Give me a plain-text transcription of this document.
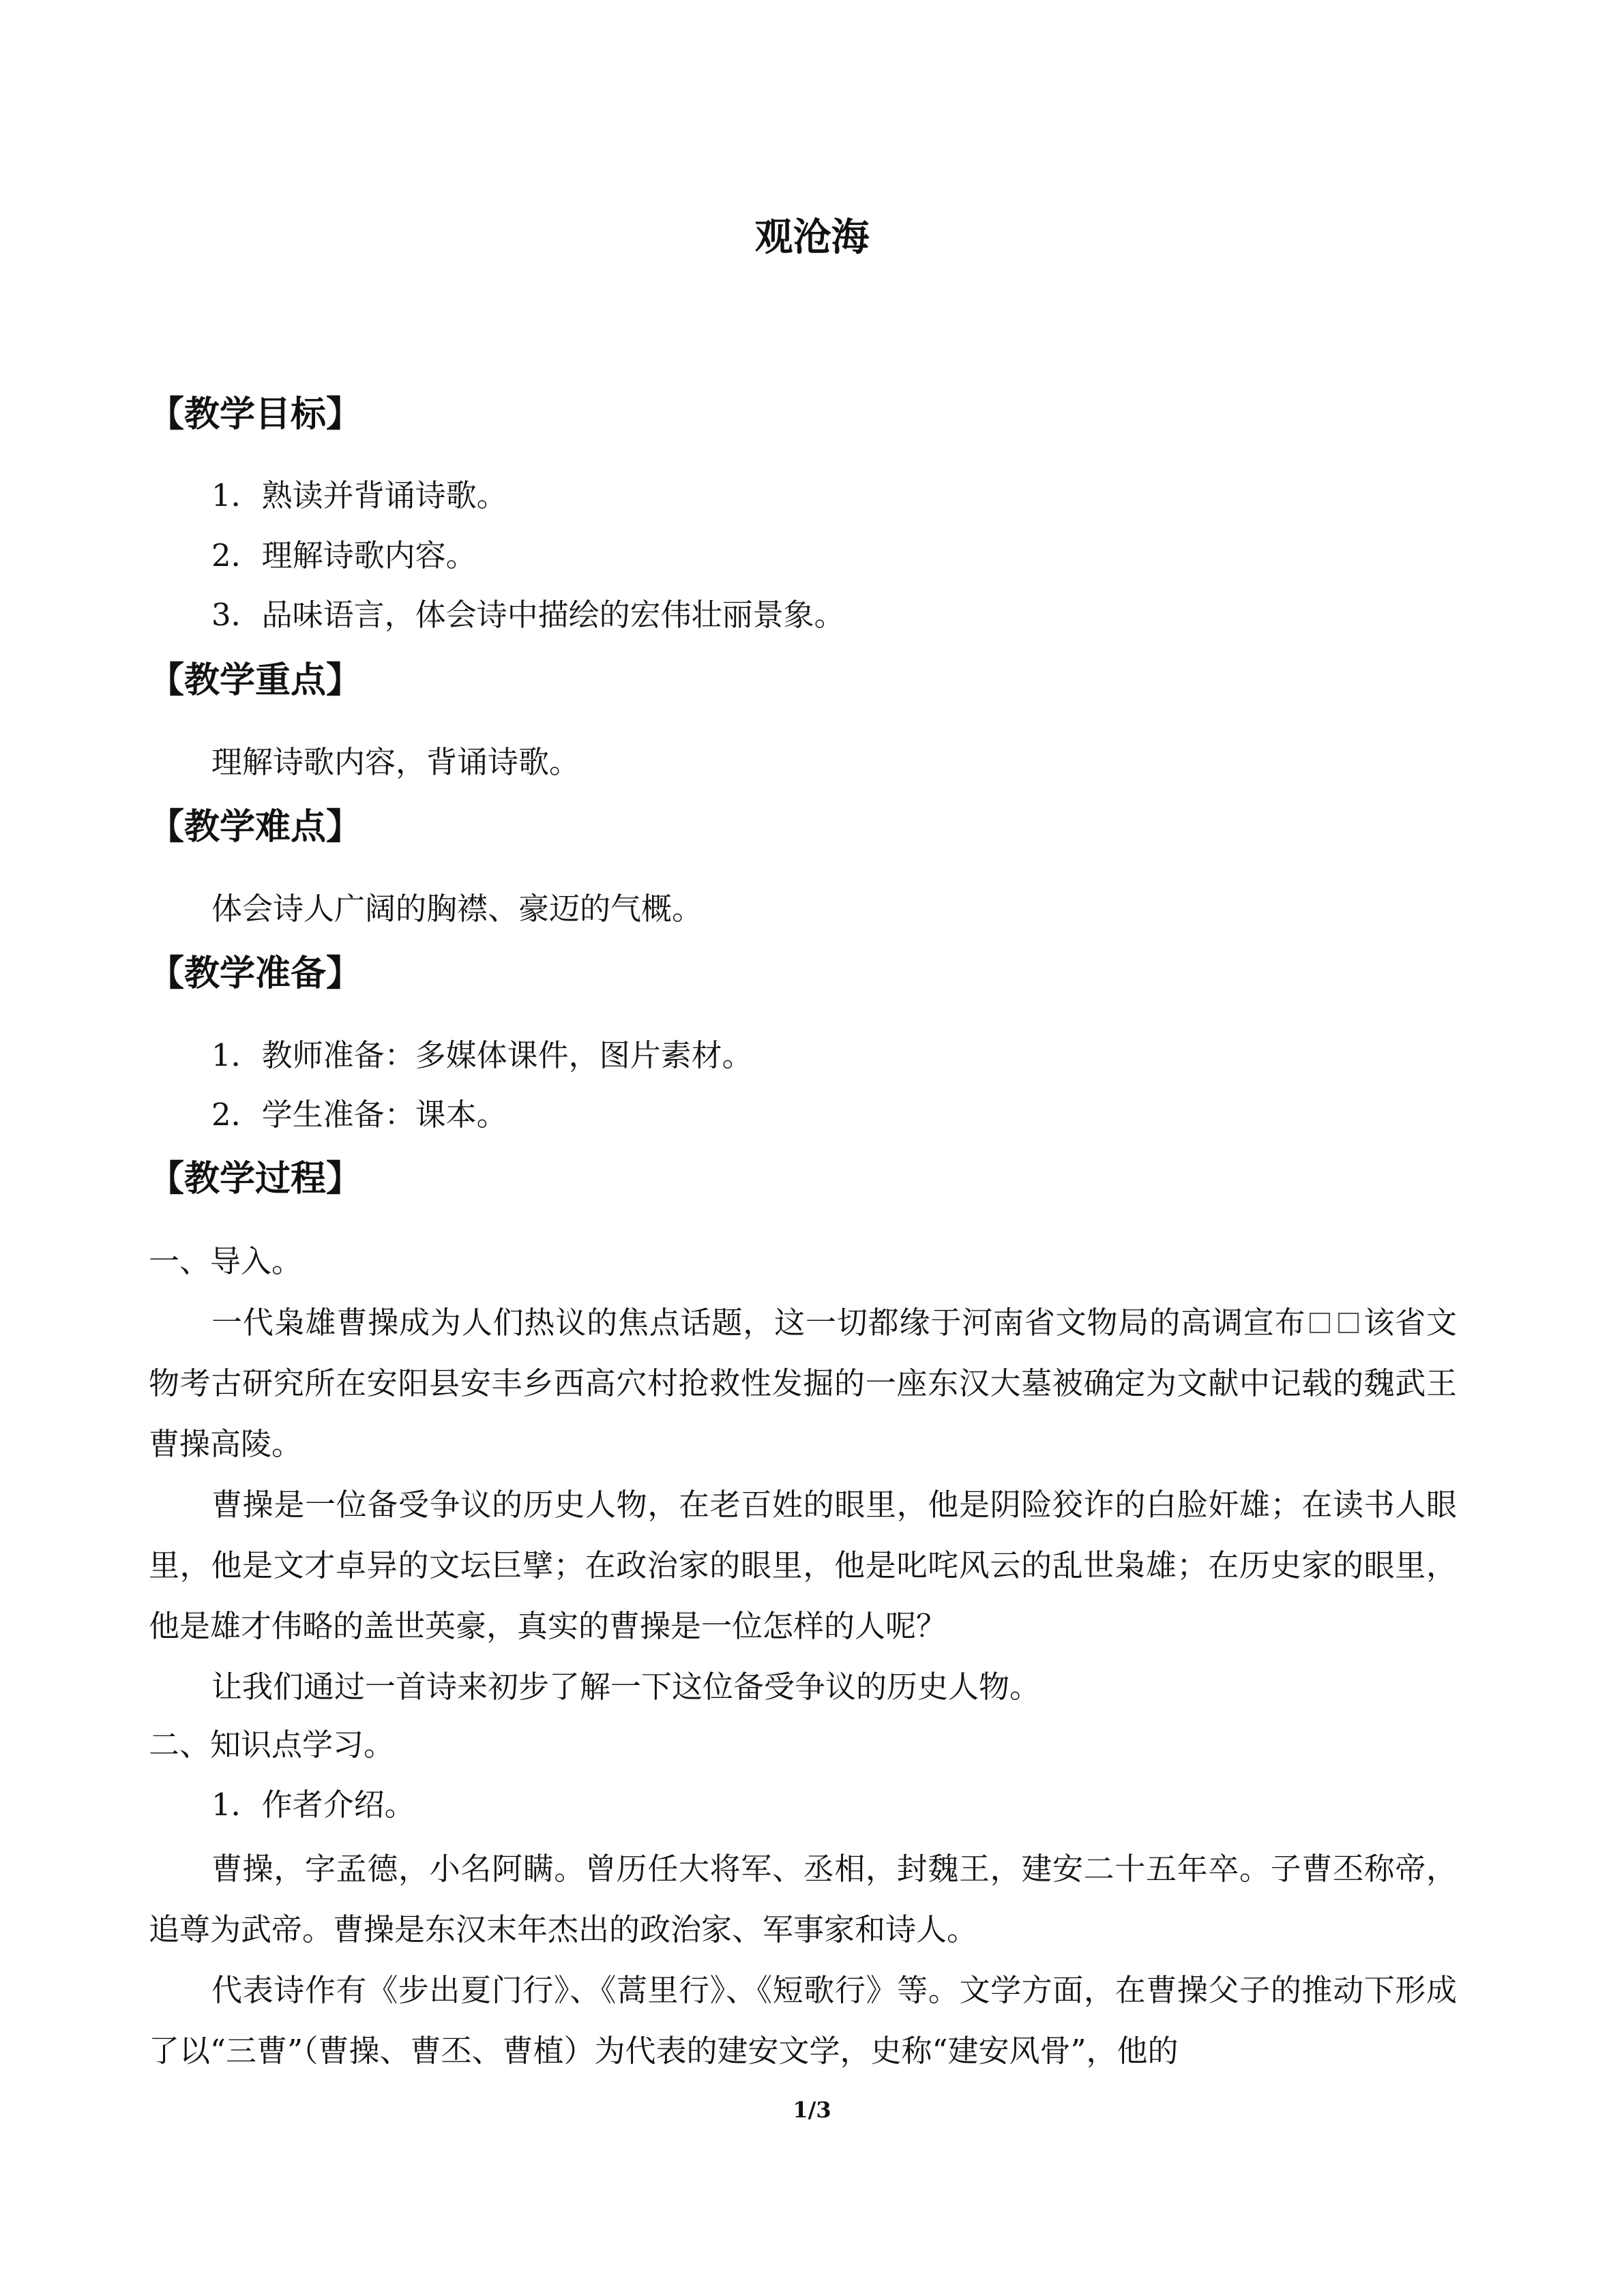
观沧海
【教学目标】
1．熟读并背诵诗歌。
2．理解诗歌内容。
3．品味语言，体会诗中描绘的宏伟壮丽景象。
【教学重点】
理解诗歌内容，背诵诗歌。
【教学难点】
体会诗人广阔的胸襟、豪迈的气概。
【教学准备】
1．教师准备：多媒体课件，图片素材。
2．学生准备：课本。
【教学过程】
一、导入。
一代枭雄曹操成为人们热议的焦点话题，这一切都缘于河南省文物局的高调宣布 该省文物考古研究所在安阳县安丰乡西高穴村抢救性发掘的一座东汉大墓被确定为文献中记载的魏武王曹操高陵。
曹操是一位备受争议的历史人物，在老百姓的眼里，他是阴险狡诈的白脸奸雄；在读书人眼里，他是文才卓异的文坛巨擘；在政治家的眼里，他是叱咤风云的乱世枭雄；在历史家的眼里，他是雄才伟略的盖世英豪，真实的曹操是一位怎样的人呢？
让我们通过一首诗来初步了解一下这位备受争议的历史人物。
二、知识点学习。
1．作者介绍。
曹操，字孟德，小名阿瞒。曾历任大将军、丞相，封魏王，建安二十五年卒。子曹丕称帝，追尊为武帝。曹操是东汉末年杰出的政治家、军事家和诗人。
代表诗作有《步出夏门行》、《蒿里行》、《短歌行》等。文学方面，在曹操父子的推动下形成了以“三曹”（曹操、曹丕、曹植）为代表的建安文学，史称“建安风骨”，他的
1/3
